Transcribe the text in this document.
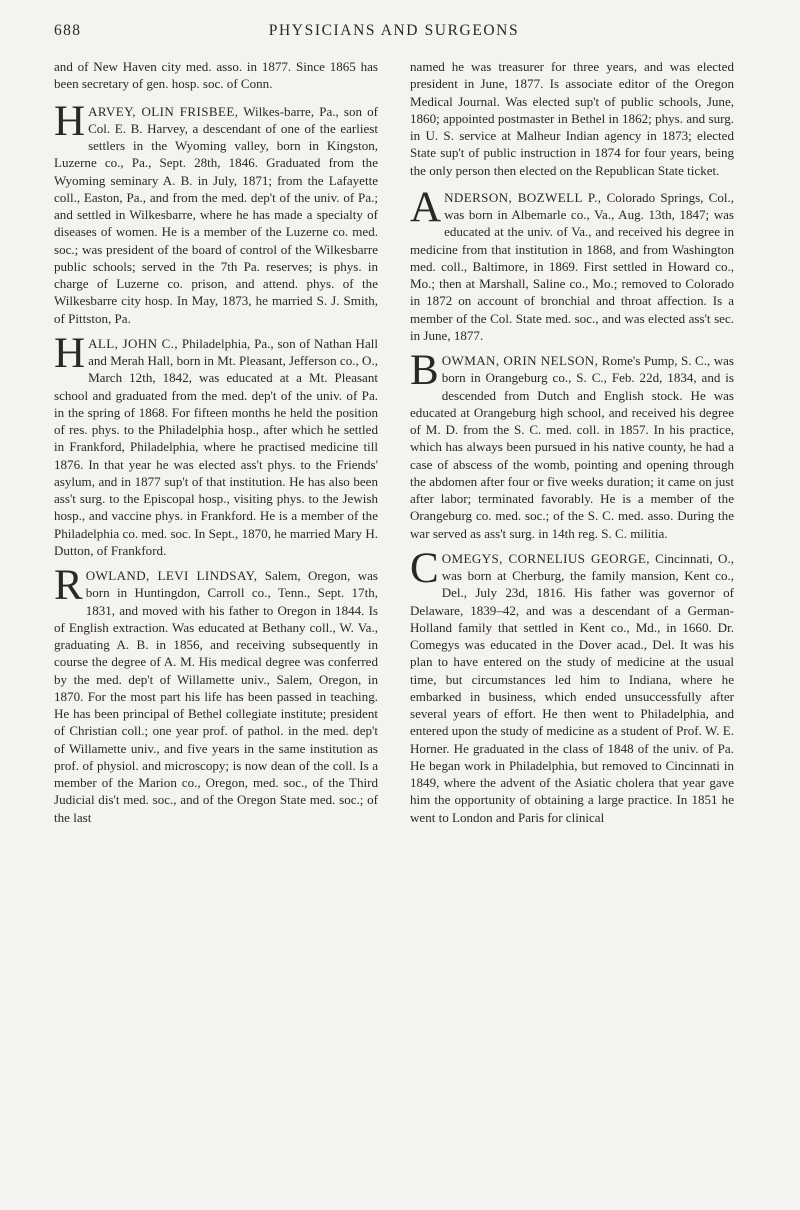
688	PHYSICIANS AND SURGEONS

and of New Haven city med. asso. in 1877. Since 1865 has been secretary of gen. hosp. soc. of Conn.

HARVEY, OLIN FRISBEE, Wilkes-barre, Pa., son of Col. E. B. Harvey, a descendant of one of the earliest settlers in the Wyoming valley, born in Kingston, Luzerne co., Pa., Sept. 28th, 1846. Graduated from the Wyoming seminary A. B. in July, 1871; from the Lafayette coll., Easton, Pa., and from the med. dep't of the univ. of Pa.; and settled in Wilkesbarre, where he has made a specialty of diseases of women. He is a member of the Luzerne co. med. soc.; was president of the board of control of the Wilkesbarre public schools; served in the 7th Pa. reserves; is phys. in charge of Luzerne co. prison, and attend. phys. of the Wilkesbarre city hosp. In May, 1873, he married S. J. Smith, of Pittston, Pa.

HALL, JOHN C., Philadelphia, Pa., son of Nathan Hall and Merah Hall, born in Mt. Pleasant, Jefferson co., O., March 12th, 1842, was educated at a Mt. Pleasant school and graduated from the med. dep't of the univ. of Pa. in the spring of 1868. For fifteen months he held the position of res. phys. to the Philadelphia hosp., after which he settled in Frankford, Philadelphia, where he practised medicine till 1876. In that year he was elected ass't phys. to the Friends' asylum, and in 1877 sup't of that institution. He has also been ass't surg. to the Episcopal hosp., visiting phys. to the Jewish hosp., and vaccine phys. in Frankford. He is a member of the Philadelphia co. med. soc. In Sept., 1870, he married Mary H. Dutton, of Frankford.

ROWLAND, LEVI LINDSAY, Salem, Oregon, was born in Huntingdon, Carroll co., Tenn., Sept. 17th, 1831, and moved with his father to Oregon in 1844. Is of English extraction. Was educated at Bethany coll., W. Va., graduating A. B. in 1856, and receiving subsequently in course the degree of A. M. His medical degree was conferred by the med. dep't of Willamette univ., Salem, Oregon, in 1870. For the most part his life has been passed in teaching. He has been principal of Bethel collegiate institute; president of Christian coll.; one year prof. of pathol. in the med. dep't of Willamette univ., and five years in the same institution as prof. of physiol. and microscopy; is now dean of the coll. Is a member of the Marion co., Oregon, med. soc., of the Third Judicial dis't med. soc., and of the Oregon State med. soc.; of the last

named he was treasurer for three years, and was elected president in June, 1877. Is associate editor of the Oregon Medical Journal. Was elected sup't of public schools, June, 1860; appointed postmaster in Bethel in 1862; phys. and surg. in U. S. service at Malheur Indian agency in 1873; elected State sup't of public instruction in 1874 for four years, being the only person then elected on the Republican State ticket.

ANDERSON, BOZWELL P., Colorado Springs, Col., was born in Albemarle co., Va., Aug. 13th, 1847; was educated at the univ. of Va., and received his degree in medicine from that institution in 1868, and from Washington med. coll., Baltimore, in 1869. First settled in Howard co., Mo.; then at Marshall, Saline co., Mo.; removed to Colorado in 1872 on account of bronchial and throat affection. Is a member of the Col. State med. soc., and was elected ass't sec. in June, 1877.

BOWMAN, ORIN NELSON, Rome's Pump, S. C., was born in Orangeburg co., S. C., Feb. 22d, 1834, and is descended from Dutch and English stock. He was educated at Orangeburg high school, and received his degree of M. D. from the S. C. med. coll. in 1857. In his practice, which has always been pursued in his native county, he had a case of abscess of the womb, pointing and opening through the abdomen after four or five weeks duration; it came on just after labor; terminated favorably. He is a member of the Orangeburg co. med. soc.; of the S. C. med. asso. During the war served as ass't surg. in 14th reg. S. C. militia.

COMEGYS, CORNELIUS GEORGE, Cincinnati, O., was born at Cherburg, the family mansion, Kent co., Del., July 23d, 1816. His father was governor of Delaware, 1839–42, and was a descendant of a German-Holland family that settled in Kent co., Md., in 1660. Dr. Comegys was educated in the Dover acad., Del. It was his plan to have entered on the study of medicine at the usual time, but circumstances led him to Indiana, where he embarked in business, which ended unsuccessfully after several years of effort. He then went to Philadelphia, and entered upon the study of medicine as a student of Prof. W. E. Horner. He graduated in the class of 1848 of the univ. of Pa. He began work in Philadelphia, but removed to Cincinnati in 1849, where the advent of the Asiatic cholera that year gave him the opportunity of obtaining a large practice. In 1851 he went to London and Paris for clinical
